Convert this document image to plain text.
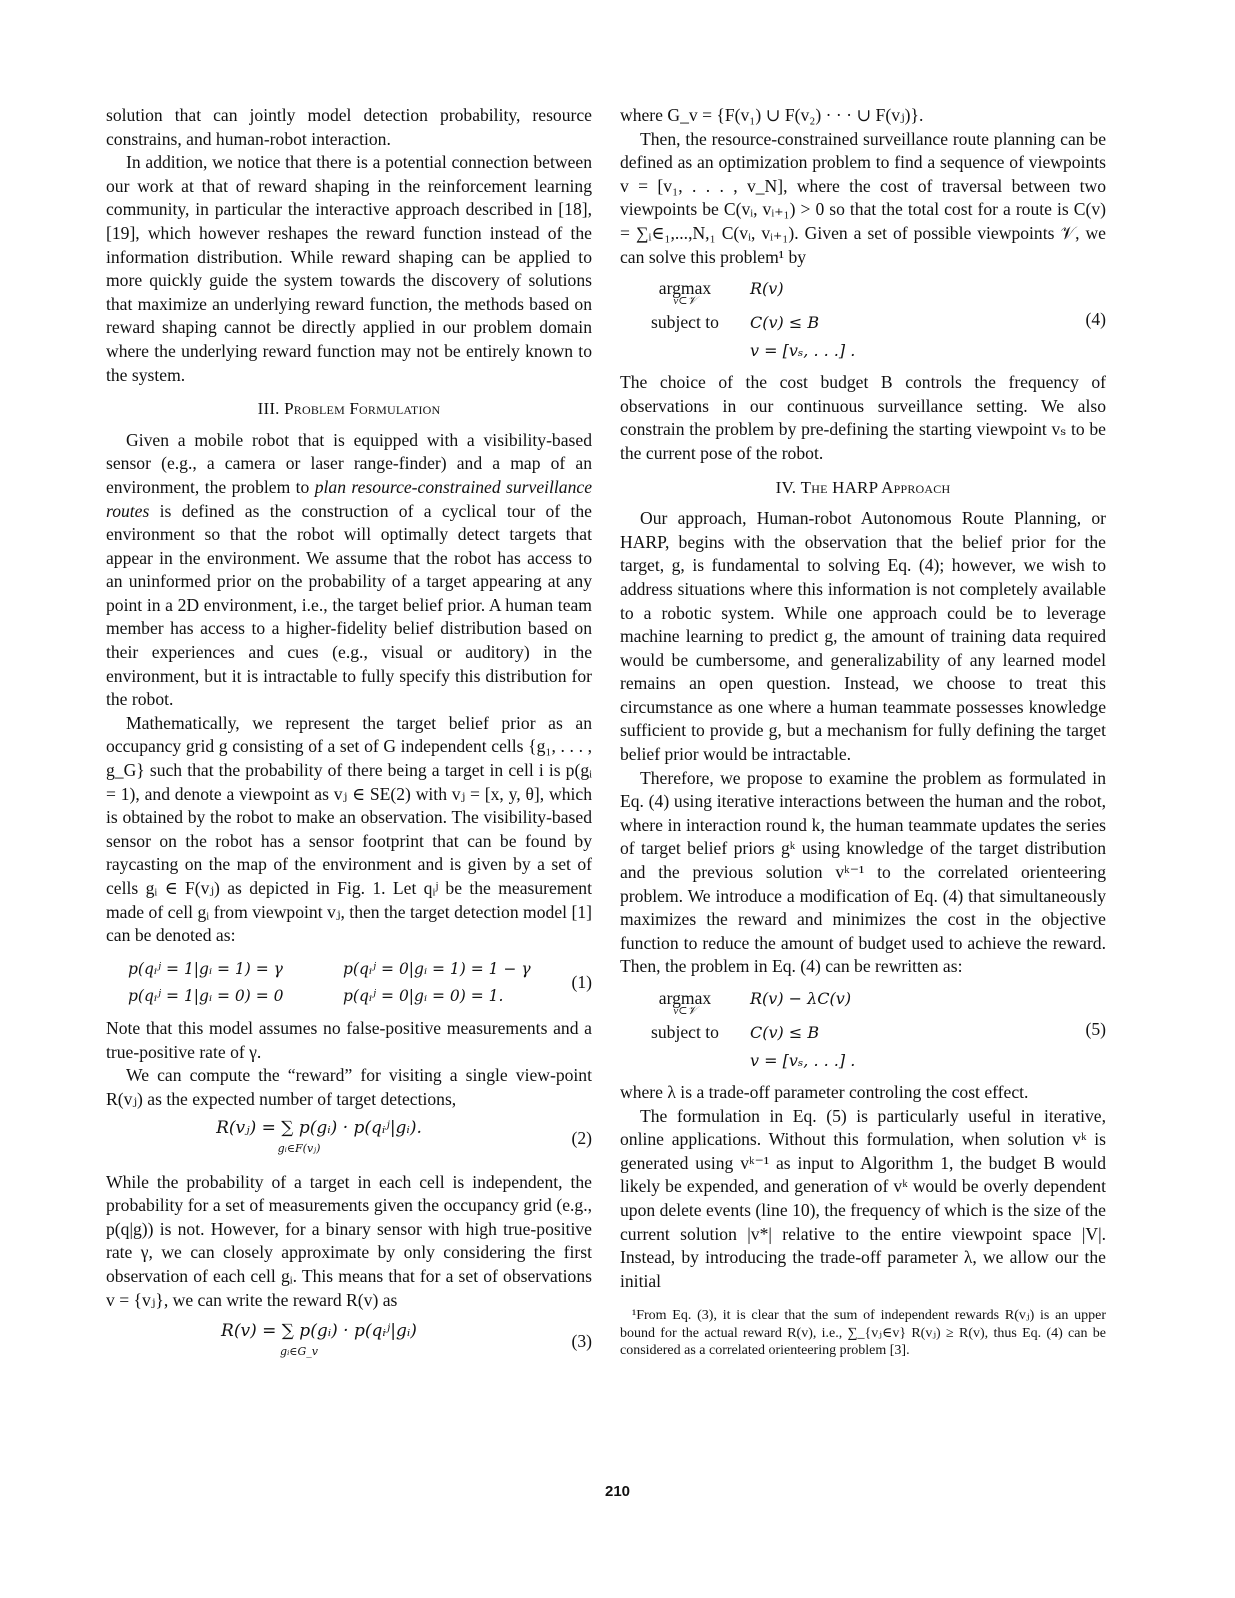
solution that can jointly model detection probability, resource constrains, and human-robot interaction.

In addition, we notice that there is a potential connection between our work at that of reward shaping in the reinforcement learning community, in particular the interactive approach described in [18], [19], which however reshapes the reward function instead of the information distribution. While reward shaping can be applied to more quickly guide the system towards the discovery of solutions that maximize an underlying reward function, the methods based on reward shaping cannot be directly applied in our problem domain where the underlying reward function may not be entirely known to the system.

III. Problem Formulation

Given a mobile robot that is equipped with a visibility-based sensor (e.g., a camera or laser range-finder) and a map of an environment, the problem to plan resource-constrained surveillance routes is defined as the construction of a cyclical tour of the environment so that the robot will optimally detect targets that appear in the environment. We assume that the robot has access to an uninformed prior on the probability of a target appearing at any point in a 2D environment, i.e., the target belief prior. A human team member has access to a higher-fidelity belief distribution based on their experiences and cues (e.g., visual or auditory) in the environment, but it is intractable to fully specify this distribution for the robot.

Mathematically, we represent the target belief prior as an occupancy grid g consisting of a set of G independent cells {g₁, . . . , g_G} such that the probability of there being a target in cell i is p(gᵢ = 1), and denote a viewpoint as vⱼ ∈ SE(2) with vⱼ = [x, y, θ], which is obtained by the robot to make an observation. The visibility-based sensor on the robot has a sensor footprint that can be found by raycasting on the map of the environment and is given by a set of cells gᵢ ∈ F(vⱼ) as depicted in Fig. 1. Let qᵢʲ be the measurement made of cell gᵢ from viewpoint vⱼ, then the target detection model [1] can be denoted as:

p(qᵢʲ = 1|gᵢ = 1) = γ	p(qᵢʲ = 0|gᵢ = 1) = 1 − γ
p(qᵢʲ = 1|gᵢ = 0) = 0	p(qᵢʲ = 0|gᵢ = 0) = 1.
(1)

Note that this model assumes no false-positive measurements and a true-positive rate of γ.

We can compute the “reward” for visiting a single view-point R(vⱼ) as the expected number of target detections,

R(vⱼ) = ∑ p(gᵢ) · p(qᵢʲ|gᵢ).
gᵢ∈F(vⱼ)
(2)

While the probability of a target in each cell is independent, the probability for a set of measurements given the occupancy grid (e.g., p(q|g)) is not. However, for a binary sensor with high true-positive rate γ, we can closely approximate by only considering the first observation of each cell gᵢ. This means that for a set of observations v = {vⱼ}, we can write the reward R(v) as

R(v) = ∑ p(gᵢ) · p(qᵢʲ|gᵢ)
gᵢ∈G_v
(3)

where G_v = {F(v₁) ∪ F(v₂) · · · ∪ F(vⱼ)}.

Then, the resource-constrained surveillance route planning can be defined as an optimization problem to find a sequence of viewpoints v = [v₁, . . . , v_N], where the cost of traversal between two viewpoints be C(vᵢ, vᵢ₊₁) > 0 so that the total cost for a route is C(v) = ∑ᵢ∈₁,...,N,₁ C(vᵢ, vᵢ₊₁). Given a set of possible viewpoints 𝒱, we can solve this problem¹ by

argmax	R(v)
v⊂𝒱
subject to	C(v) ≤ B
v = [vₛ, . . .] .
(4)

The choice of the cost budget B controls the frequency of observations in our continuous surveillance setting. We also constrain the problem by pre-defining the starting viewpoint vₛ to be the current pose of the robot.

IV. The HARP Approach

Our approach, Human-robot Autonomous Route Planning, or HARP, begins with the observation that the belief prior for the target, g, is fundamental to solving Eq. (4); however, we wish to address situations where this information is not completely available to a robotic system. While one approach could be to leverage machine learning to predict g, the amount of training data required would be cumbersome, and generalizability of any learned model remains an open question. Instead, we choose to treat this circumstance as one where a human teammate possesses knowledge sufficient to provide g, but a mechanism for fully defining the target belief prior would be intractable.

Therefore, we propose to examine the problem as formulated in Eq. (4) using iterative interactions between the human and the robot, where in interaction round k, the human teammate updates the series of target belief priors gᵏ using knowledge of the target distribution and the previous solution vᵏ⁻¹ to the correlated orienteering problem. We introduce a modification of Eq. (4) that simultaneously maximizes the reward and minimizes the cost in the objective function to reduce the amount of budget used to achieve the reward. Then, the problem in Eq. (4) can be rewritten as:

argmax	R(v) − λC(v)
v⊂𝒱
subject to	C(v) ≤ B
v = [vₛ, . . .] .
(5)

where λ is a trade-off parameter controling the cost effect.

The formulation in Eq. (5) is particularly useful in iterative, online applications. Without this formulation, when solution vᵏ is generated using vᵏ⁻¹ as input to Algorithm 1, the budget B would likely be expended, and generation of vᵏ would be overly dependent upon delete events (line 10), the frequency of which is the size of the current solution |v*| relative to the entire viewpoint space |V|. Instead, by introducing the trade-off parameter λ, we allow our the initial

¹From Eq. (3), it is clear that the sum of independent rewards R(vⱼ) is an upper bound for the actual reward R(v), i.e., ∑_{vⱼ∈v} R(vⱼ) ≥ R(v), thus Eq. (4) can be considered as a correlated orienteering problem [3].

210
